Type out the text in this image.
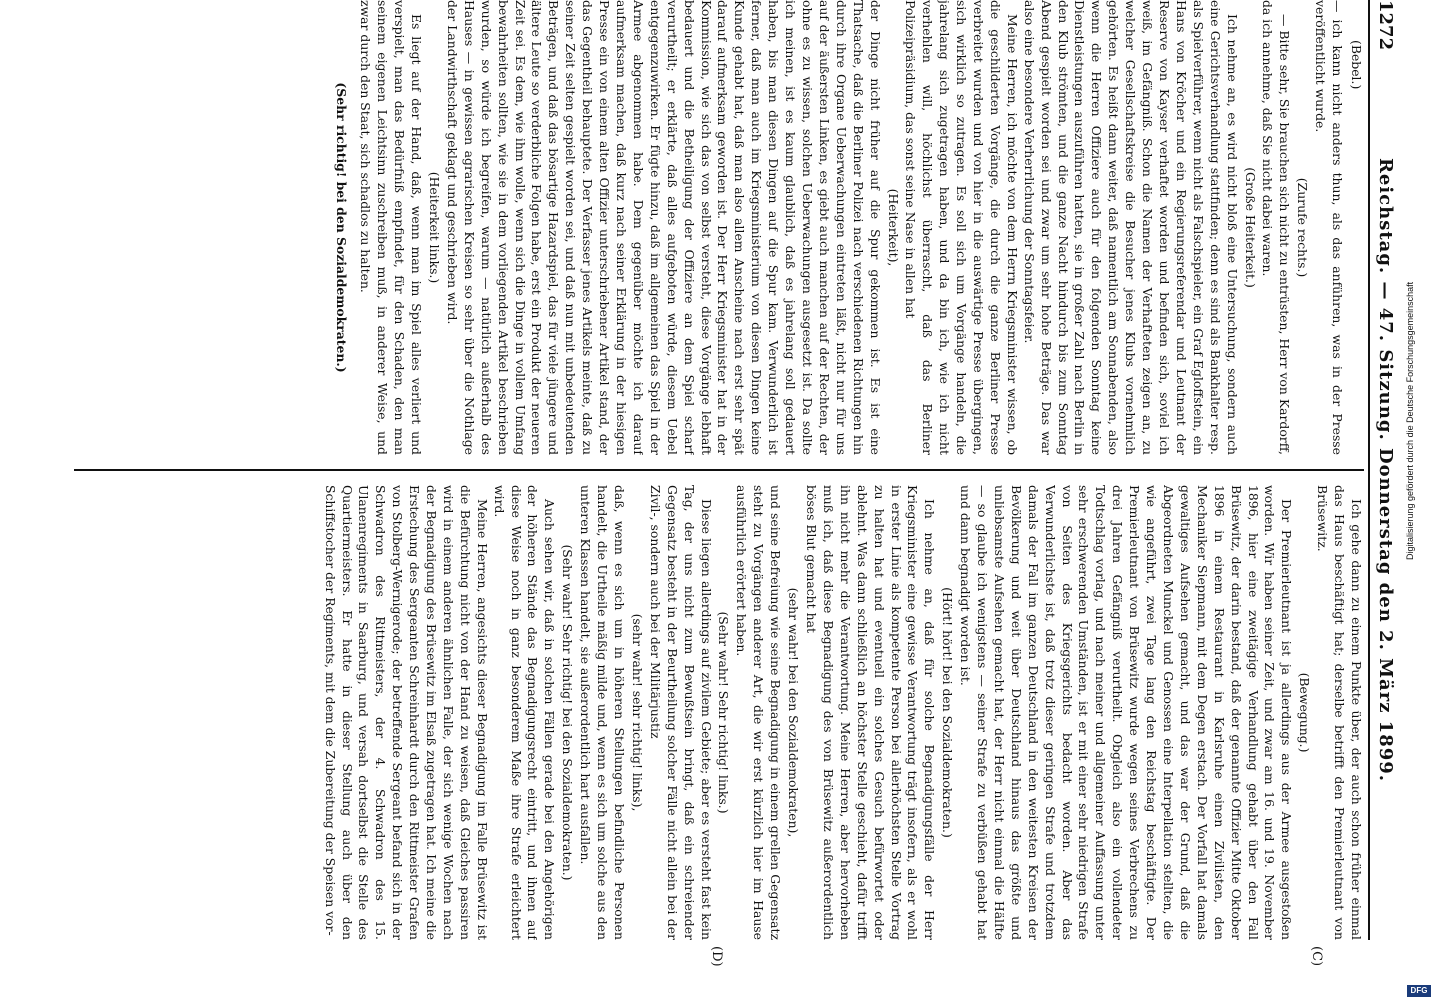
1272
Reichstag. — 47. Sitzung. Donnerstag den 2. März 1899.
(C)
(D)

(Bebel.)

— ich kann nicht anders thun, als das anführen, was in der Presse veröffentlicht wurde.

(Zurufe rechts.)

— Bitte sehr, Sie brauchen sich nicht zu entrüsten, Herr von Kardorff, da ich annehme, daß Sie nicht dabei waren.

(Große Heiterkeit.)

Ich nehme an, es wird nicht bloß eine Untersuchung, sondern auch eine Gerichtsverhandlung stattfinden; denn es sind als Bankhalter resp. als Spielverführer, wenn nicht als Falschspieler, ein Graf Egloffstein, ein Hans von Kröcher und ein Regierungsreferendar und Leutnant der Reserve von Kayser verhaftet worden und befinden sich, soviel ich weiß, im Gefängniß. Schon die Namen der Verhafteten zeigen an, zu welcher Gesellschaftskreise die Besucher jenes Klubs vornehmlich gehörten. Es heißt dann weiter, daß namentlich am Sonnabenden, also wenn die Herren Offiziere auch für den folgenden Sonntag keine Dienstleistungen auszuführen hatten, sie in großer Zahl nach Berlin in den Klub strömten, und die ganze Nacht hindurch bis zum Sonntag Abend gespielt worden sei und zwar um sehr hohe Beträge. Das war also eine besondere Verherrlichung der Sonntagsfeier.

Meine Herren, ich möchte von dem Herrn Kriegsminister wissen, ob die geschilderten Vorgänge, die durch die ganze Berliner Presse verbreitet wurden und von hier in die auswärtige Presse übergingen, sich wirklich so zutragen. Es soll sich um Vorgänge handeln, die jahrelang sich zugetragen haben, und da bin ich, wie ich nicht verhehlen will, höchlichst überrascht, daß das Berliner Polizeipräsidium, das sonst seine Nase in allen hat

(Heiterkeit),

der Dinge nicht früher auf die Spur gekommen ist. Es ist eine Thatsache, daß die Berliner Polizei nach verschiedenen Richtungen hin durch ihre Organe Ueberwachungen eintreten läßt, nicht nur für uns auf der äußersten Linken, es giebt auch manchen auf der Rechten, der ohne es zu wissen, solchen Ueberwachungen ausgesetzt ist. Da sollte ich meinen, ist es kaum glaublich, daß es jahrelang soll gedauert haben, bis man diesen Dingen auf die Spur kam. Verwunderlich ist ferner, daß man auch im Kriegsministerium von diesen Dingen keine Kunde gehabt hat, daß man also allem Anscheine nach erst sehr spät darauf aufmerksam geworden ist. Der Herr Kriegsminister hat in der Kommission, wie sich das von selbst versteht, diese Vorgänge lebhaft bedauert und die Betheiligung der Offiziere an dem Spiel scharf verurtheilt; er erklärte, daß alles aufgeboten würde, diesem Uebel entgegenzuwirken. Er fügte hinzu, daß im allgemeinen das Spiel in der Armee abgenommen habe. Dem gegenüber möchte ich darauf aufmerksam machen, daß kurz nach seiner Erklärung in der hiesigen Presse ein von einem alten Offizier unterschriebener Artikel stand, der das Gegentheil behauptete. Der Verfasser jenes Artikels meinte, daß zu seiner Zeit selten gespielt worden sei, und daß nun mit unbedeutenden Beträgen, und daß das bösartige Hazardspiel, das für viele jüngere und ältere Leute so verderbliche Folgen habe, erst ein Produkt der neueren Zeit sei. Es dem, wie ihm wolle, wenn sich die Dinge in vollem Umfang bewahrheiten sollten, wie sie in dem vorliegenden Artikel beschrieben wurden, so würde ich begreifen, warum — natürlich außerhalb des Hauses — in gewissen agrarischen Kreisen so sehr über die Nothlage der Landwirthschaft geklagt und geschrieben wird.

(Heiterkeit links.)

Es liegt auf der Hand, daß, wenn man im Spiel alles verliert und verspielt, man das Bedürfniß empfindet, für den Schaden, den man seinem eigenen Leichtsinn zuschreiben muß, in anderer Weise, und zwar durch den Staat, sich schadlos zu halten.

(Sehr richtig! bei den Sozialdemokraten.)

Ich gehe dann zu einem Punkte über, der auch schon früher einmal das Haus beschäftigt hat; derselbe betrifft den Premierleutnant von Brüsewitz.

(Bewegung.)

Der Premierleutnant ist ja allerdings aus der Armee ausgestoßen worden. Wir haben seiner Zeit, und zwar am 16. und 19. November 1896, hier eine zweitägige Verhandlung gehabt über den Fall Brüsewitz, der darin bestand, daß der genannte Offizier Mitte Oktober 1896 in einem Restaurant in Karlsruhe einen Zivilisten, den Mechaniker Siepmann, mit dem Degen erstach. Der Vorfall hat damals gewaltiges Aufsehen gemacht, und das war der Grund, daß die Abgeordneten Munckel und Genossen eine Interpellation stellten, die wie angeführt, zwei Tage lang den Reichstag beschäftigte. Der Premierleutnant von Brüsewitz wurde wegen seines Verbrechens zu drei Jahren Gefängniß verurtheilt. Obgleich also ein vollendeter Todtschlag vorlag, und nach meiner und allgemeiner Auffassung unter sehr erschwerenden Umständen, ist er mit einer sehr niedrigen Strafe von Seiten des Kriegsgerichts bedacht worden. Aber das Verwunderlichste ist, daß trotz dieser geringen Strafe und trotzdem damals der Fall im ganzen Deutschland in den weitesten Kreisen der Bevölkerung und weit über Deutschland hinaus das größte und unliebsamste Aufsehen gemacht hat, der Herr nicht einmal die Hälfte — so glaube ich wenigstens — seiner Strafe zu verbüßen gehabt hat und dann begnadigt worden ist.

(Hört! hört! bei den Sozialdemokraten.)

Ich nehme an, daß für solche Begnadigungsfälle der Herr Kriegsminister eine gewisse Verantwortung trägt insofern, als er wohl in erster Linie als kompetente Person bei allerhöchsten Stelle Vortrag zu halten hat und eventuell ein solches Gesuch befürwortet oder ablehnt. Was dann schließlich an höchster Stelle geschieht, dafür trifft ihn nicht mehr die Verantwortung. Meine Herren, aber hervorheben muß ich, daß diese Begnadigung des von Brüsewitz außerordentlich böses Blut gemacht hat

(sehr wahr! bei den Sozialdemokraten),

und seine Befreiung wie seine Begnadigung in einem grellen Gegensatz steht zu Vorgängen anderer Art, die wir erst kürzlich hier im Hause ausführlich erörtert haben.

(Sehr wahr! Sehr richtig! links.)

Diese liegen allerdings auf zivilem Gebiete; aber es versteht fast kein Tag, der uns nicht zum Bewußtsein bringt, daß ein schreiender Gegensatz besteht in der Beurtheilung solcher Fälle nicht allein bei der Zivil-, sondern auch bei der Militärjustiz

(sehr wahr! sehr richtig! links),

daß, wenn es sich um in höheren Stellungen befindliche Personen handelt, die Urtheile mäßig milde und, wenn es sich um solche aus den unteren Klassen handelt, sie außerordentlich hart ausfallen.

(Sehr wahr! Sehr richtig! bei den Sozialdemokraten.)

Auch sehen wir, daß in solchen Fällen gerade bei den Angehörigen der höheren Stände das Begnadigungsrecht eintritt, und ihnen auf diese Weise noch in ganz besonderem Maße ihre Strafe erleichtert wird.

Meine Herren, angesichts dieser Begnadigung im Falle Brüsewitz ist die Befürchtung nicht von der Hand zu weisen, daß Gleiches passiren wird in einem anderen ähnlichen Falle, der sich wenige Wochen nach der Begnadigung des Brüsewitz im Elsaß zugetragen hat. Ich meine die Erstechung des Sergeanten Schreinhardt durch den Rittmeister Grafen von Stolberg-Wernigerode; der betreffende Sergeant befand sich in der Schwadron des Rittmeisters, der 4. Schwadron des 15. Ulanenregiments in Saarburg, und versah dortselbst die Stelle des Quartiermeisters. Er hatte in dieser Stellung auch über den Schiffstocher der Regiments, mit dem die Zubereitung der Speisen vor-

Digitalisierung gefördert durch die Deutsche Forschungsgemeinschaft
DFG
